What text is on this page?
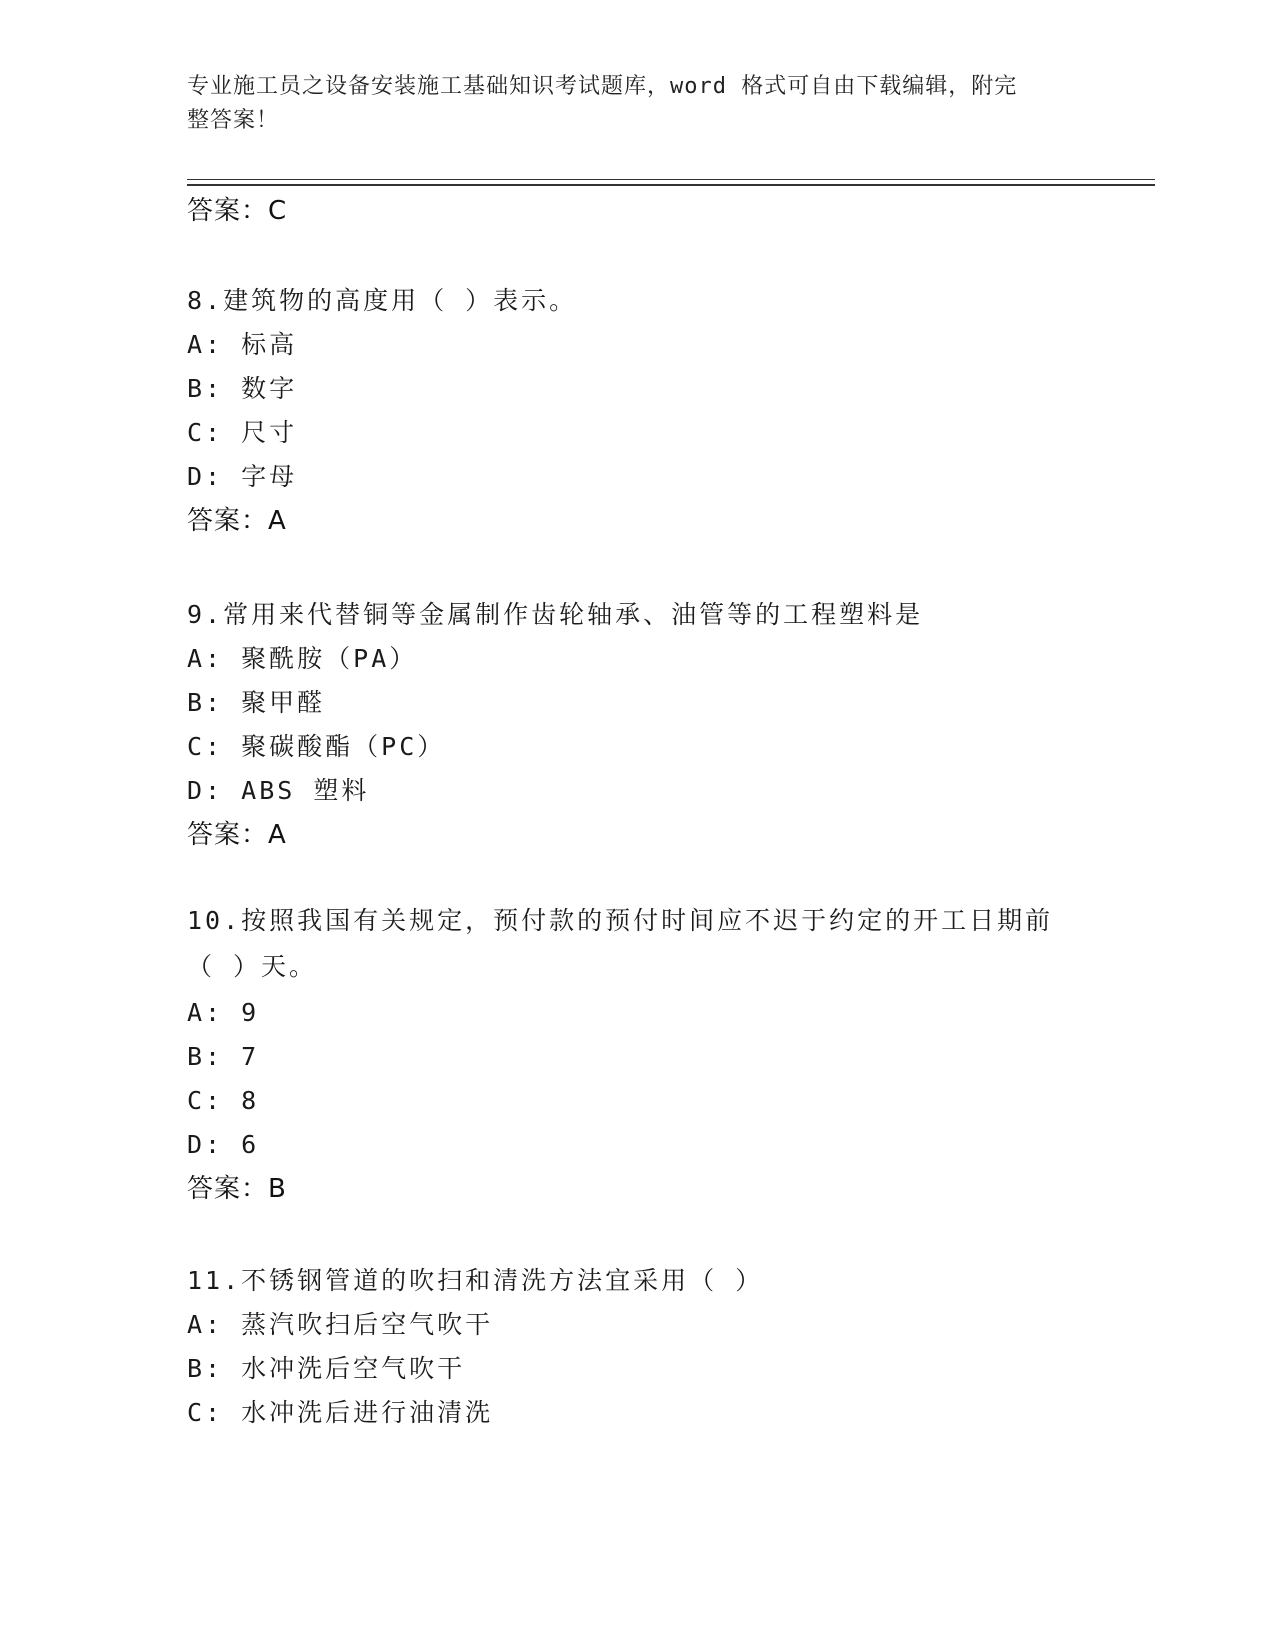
专业施工员之设备安装施工基础知识考试题库，word 格式可自由下载编辑，附完
整答案！
答案：C
8.建筑物的高度用（ ）表示。
A: 标高
B: 数字
C: 尺寸
D: 字母
答案：A
9.常用来代替铜等金属制作齿轮轴承、油管等的工程塑料是
A: 聚酰胺（PA）
B: 聚甲醛
C: 聚碳酸酯（PC）
D: ABS 塑料
答案：A
10.按照我国有关规定，预付款的预付时间应不迟于约定的开工日期前（ ）天。
A: 9
B: 7
C: 8
D: 6
答案：B
11.不锈钢管道的吹扫和清洗方法宜采用（ ）
A: 蒸汽吹扫后空气吹干
B: 水冲洗后空气吹干
C: 水冲洗后进行油清洗
